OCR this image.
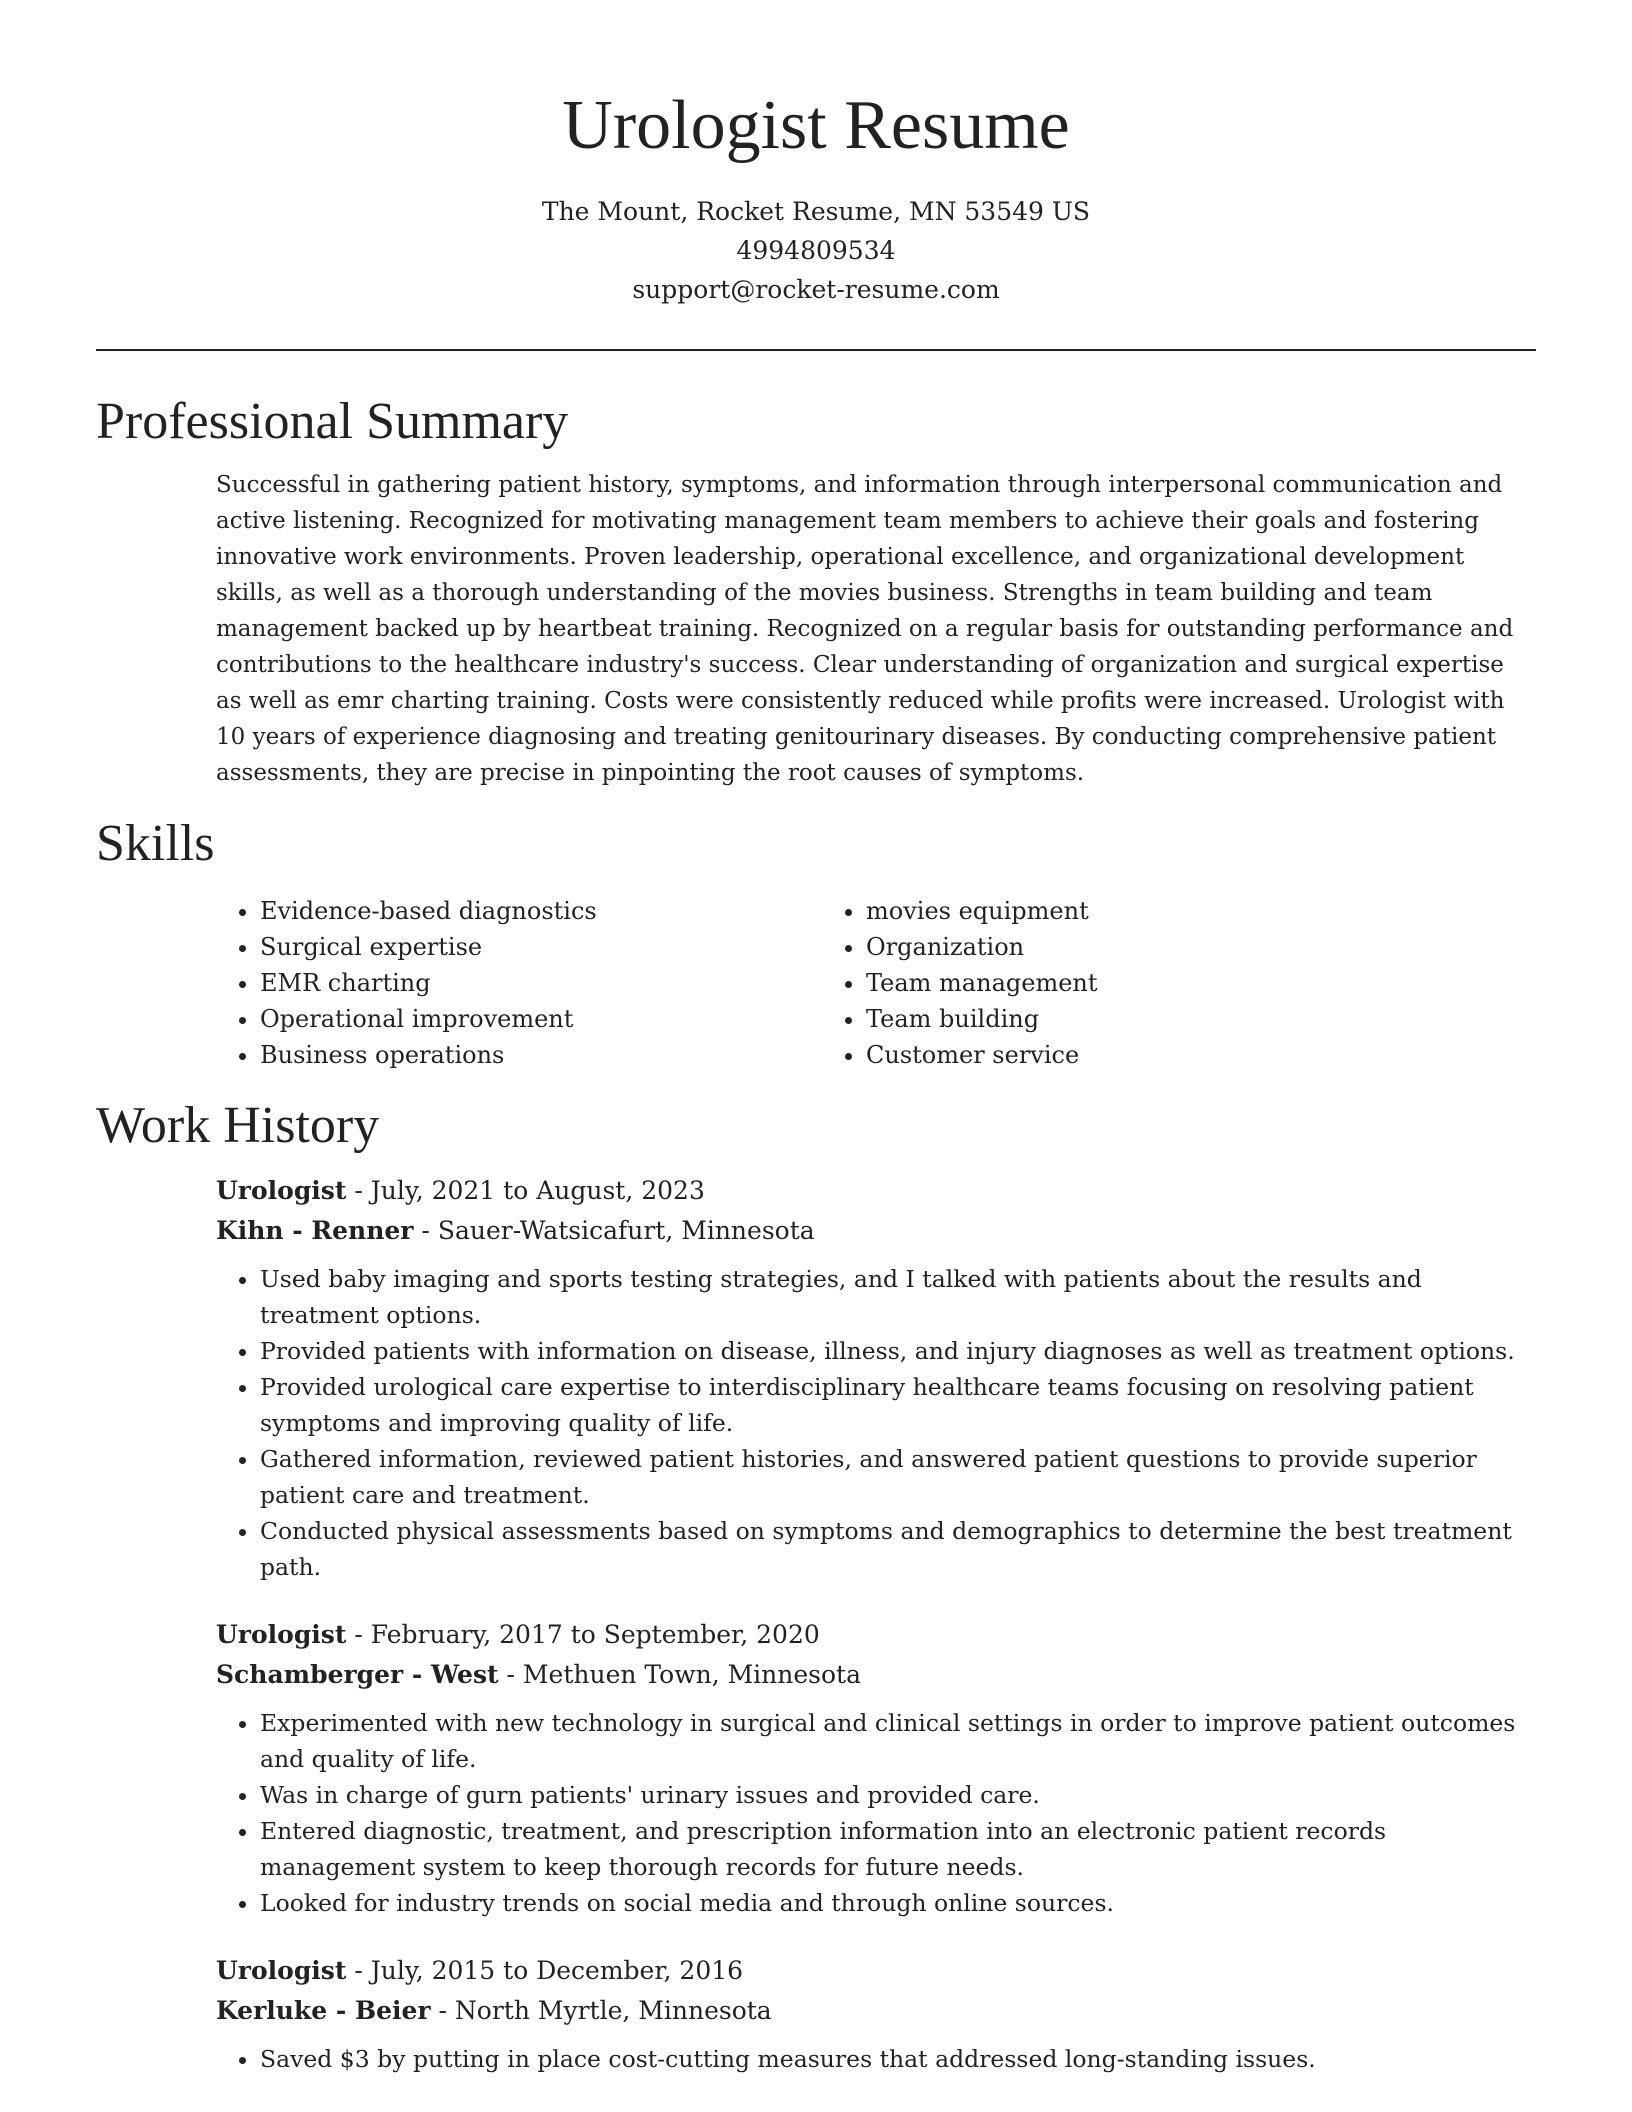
Urologist Resume
The Mount, Rocket Resume, MN 53549 US
4994809534
support@rocket-resume.com
Professional Summary

Successful in gathering patient history, symptoms, and information through interpersonal communication and active listening. Recognized for motivating management team members to achieve their goals and fostering innovative work environments. Proven leadership, operational excellence, and organizational development skills, as well as a thorough understanding of the movies business. Strengths in team building and team management backed up by heartbeat training. Recognized on a regular basis for outstanding performance and contributions to the healthcare industry's success. Clear understanding of organization and surgical expertise as well as emr charting training. Costs were consistently reduced while profits were increased. Urologist with 10 years of experience diagnosing and treating genitourinary diseases. By conducting comprehensive patient assessments, they are precise in pinpointing the root causes of symptoms.

Skills
• Evidence-based diagnostics
• Surgical expertise
• EMR charting
• Operational improvement
• Business operations
• movies equipment
• Organization
• Team management
• Team building
• Customer service
Work History
Urologist - July, 2021 to August, 2023
Kihn - Renner - Sauer-Watsicafurt, Minnesota
• Used baby imaging and sports testing strategies, and I talked with patients about the results and treatment options.
• Provided patients with information on disease, illness, and injury diagnoses as well as treatment options.
• Provided urological care expertise to interdisciplinary healthcare teams focusing on resolving patient symptoms and improving quality of life.
• Gathered information, reviewed patient histories, and answered patient questions to provide superior patient care and treatment.
• Conducted physical assessments based on symptoms and demographics to determine the best treatment path.
Urologist - February, 2017 to September, 2020
Schamberger - West - Methuen Town, Minnesota
• Experimented with new technology in surgical and clinical settings in order to improve patient outcomes and quality of life.
• Was in charge of gurn patients' urinary issues and provided care.
• Entered diagnostic, treatment, and prescription information into an electronic patient records management system to keep thorough records for future needs.
• Looked for industry trends on social media and through online sources.
Urologist - July, 2015 to December, 2016
Kerluke - Beier - North Myrtle, Minnesota
• Saved $3 by putting in place cost-cutting measures that addressed long-standing issues.
